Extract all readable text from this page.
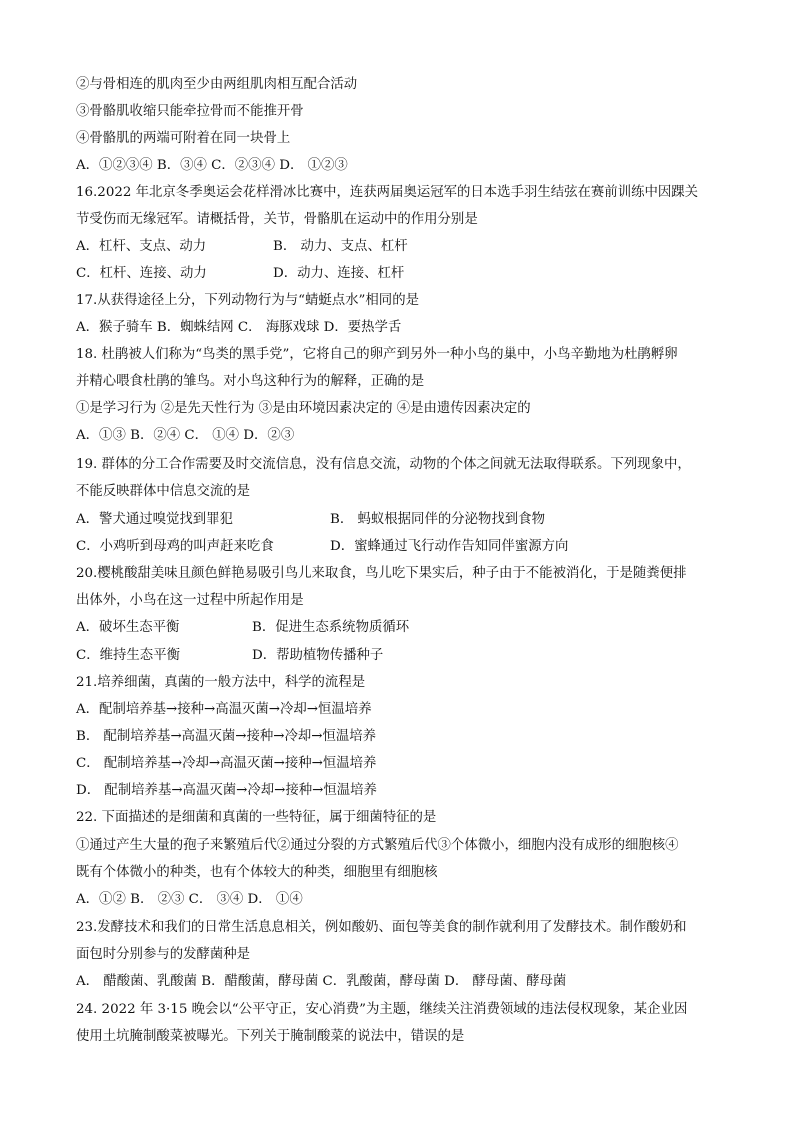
②与骨相连的肌肉至少由两组肌肉相互配合活动
③骨骼肌收缩只能牵拉骨而不能推开骨
④骨骼肌的两端可附着在同一块骨上
A．①②③④ B．③④ C．②③④ D． ①②③
16.2022 年北京冬季奥运会花样滑冰比赛中，连获两届奥运冠军的日本选手羽生结弦在赛前训练中因踝关
节受伤而无缘冠军。请概括骨，关节，骨骼肌在运动中的作用分别是
A．杠杆、支点、动力	B． 动力、支点、杠杆
C．杠杆、连接、动力	D．动力、连接、杠杆
17.从获得途径上分，下列动物行为与“蜻蜓点水”相同的是
A．猴子骑车 B．蜘蛛结网 C． 海豚戏球 D．要热学舌
18. 杜鹃被人们称为“鸟类的黑手党”，它将自己的卵产到另外一种小鸟的巢中，小鸟辛勤地为杜鹃孵卵
并精心喂食杜鹃的雏鸟。对小鸟这种行为的解释，正确的是
①是学习行为 ②是先天性行为 ③是由环境因素决定的 ④是由遗传因素决定的
A．①③ B．②④ C． ①④ D．②③
19. 群体的分工合作需要及时交流信息，没有信息交流，动物的个体之间就无法取得联系。下列现象中，
不能反映群体中信息交流的是
A．警犬通过嗅觉找到罪犯	B． 蚂蚁根据同伴的分泌物找到食物
C．小鸡听到母鸡的叫声赶来吃食	D．蜜蜂通过飞行动作告知同伴蜜源方向
20.樱桃酸甜美味且颜色鲜艳易吸引鸟儿来取食，鸟儿吃下果实后，种子由于不能被消化，于是随粪便排
出体外，小鸟在这一过程中所起作用是
A．破坏生态平衡	B．促进生态系统物质循环
C．维持生态平衡	D．帮助植物传播种子
21.培养细菌，真菌的一般方法中，科学的流程是
A．配制培养基→接种→高温灭菌→冷却→恒温培养
B． 配制培养基→高温灭菌→接种→冷却→恒温培养
C． 配制培养基→冷却→高温灭菌→接种→恒温培养
D． 配制培养基→高温灭菌→冷却→接种→恒温培养
22. 下面描述的是细菌和真菌的一些特征，属于细菌特征的是
①通过产生大量的孢子来繁殖后代②通过分裂的方式繁殖后代③个体微小，细胞内没有成形的细胞核④
既有个体微小的种类，也有个体较大的种类，细胞里有细胞核
A．①② B． ②③ C． ③④ D． ①④
23.发酵技术和我们的日常生活息息相关，例如酸奶、面包等美食的制作就利用了发酵技术。制作酸奶和
面包时分别参与的发酵菌种是
A． 醋酸菌、乳酸菌 B．醋酸菌，酵母菌 C．乳酸菌，酵母菌 D． 酵母菌、酵母菌
24. 2022 年 3·15 晚会以“公平守正，安心消费”为主题，继续关注消费领域的违法侵权现象，某企业因
使用土坑腌制酸菜被曝光。下列关于腌制酸菜的说法中，错误的是
